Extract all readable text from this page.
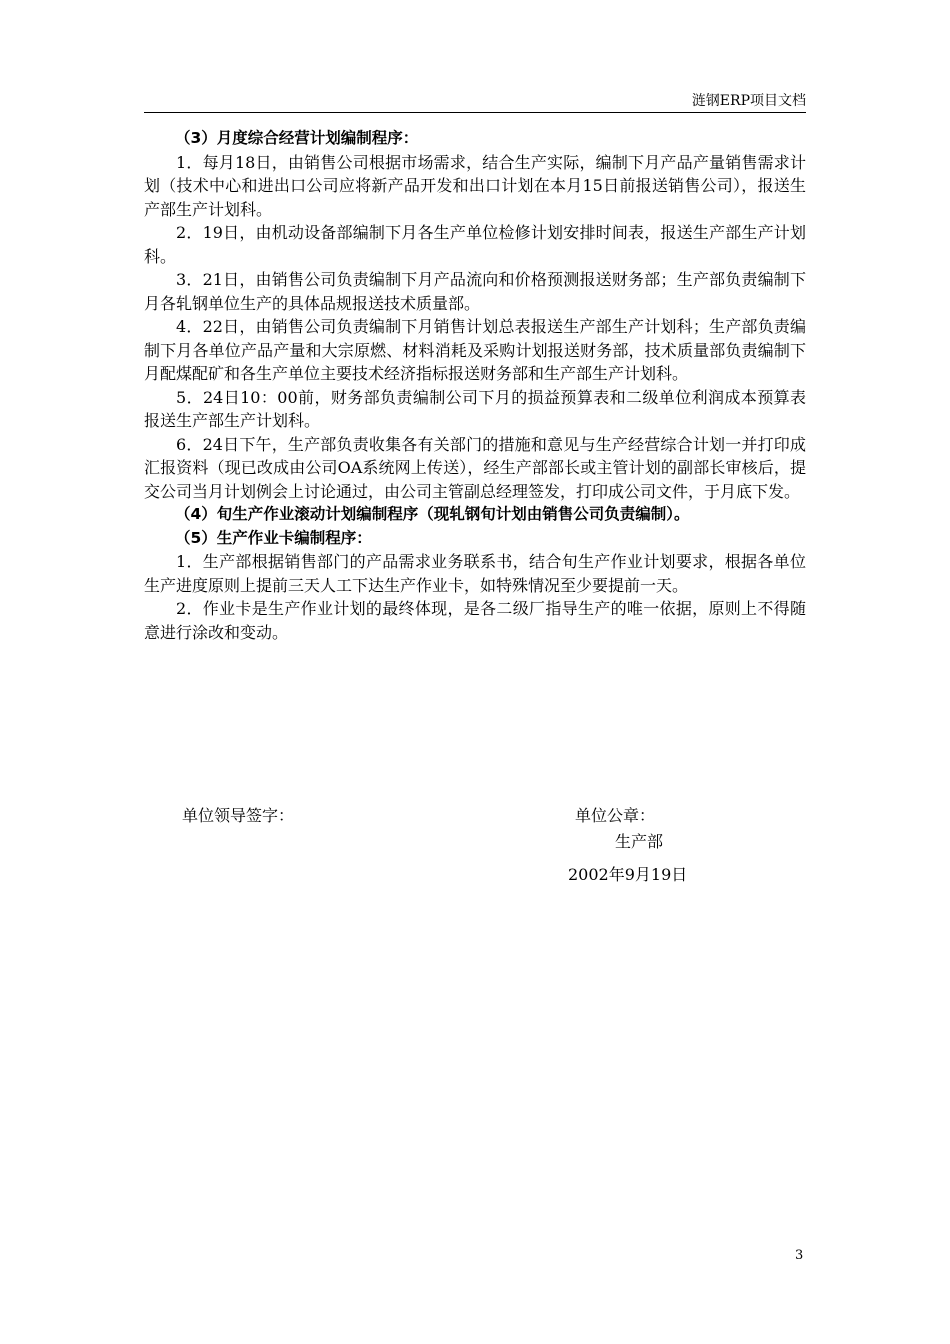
涟钢ERP项目文档

（3）月度综合经营计划编制程序：

1．每月18日，由销售公司根据市场需求，结合生产实际，编制下月产品产量销售需求计划（技术中心和进出口公司应将新产品开发和出口计划在本月15日前报送销售公司），报送生产部生产计划科。

2．19日，由机动设备部编制下月各生产单位检修计划安排时间表，报送生产部生产计划科。

3．21日，由销售公司负责编制下月产品流向和价格预测报送财务部；生产部负责编制下月各轧钢单位生产的具体品规报送技术质量部。

4．22日，由销售公司负责编制下月销售计划总表报送生产部生产计划科；生产部负责编制下月各单位产品产量和大宗原燃、材料消耗及采购计划报送财务部，技术质量部负责编制下月配煤配矿和各生产单位主要技术经济指标报送财务部和生产部生产计划科。

5．24日10：00前，财务部负责编制公司下月的损益预算表和二级单位利润成本预算表报送生产部生产计划科。

6．24日下午，生产部负责收集各有关部门的措施和意见与生产经营综合计划一并打印成汇报资料（现已改成由公司OA系统网上传送），经生产部部长或主管计划的副部长审核后，提交公司当月计划例会上讨论通过，由公司主管副总经理签发，打印成公司文件，于月底下发。

（4）旬生产作业滚动计划编制程序（现轧钢旬计划由销售公司负责编制）。

（5）生产作业卡编制程序：

1．生产部根据销售部门的产品需求业务联系书，结合旬生产作业计划要求，根据各单位生产进度原则上提前三天人工下达生产作业卡，如特殊情况至少要提前一天。

2．作业卡是生产作业计划的最终体现，是各二级厂指导生产的唯一依据，原则上不得随意进行涂改和变动。

单位领导签字：	单位公章：
生产部
2002年9月19日
3
